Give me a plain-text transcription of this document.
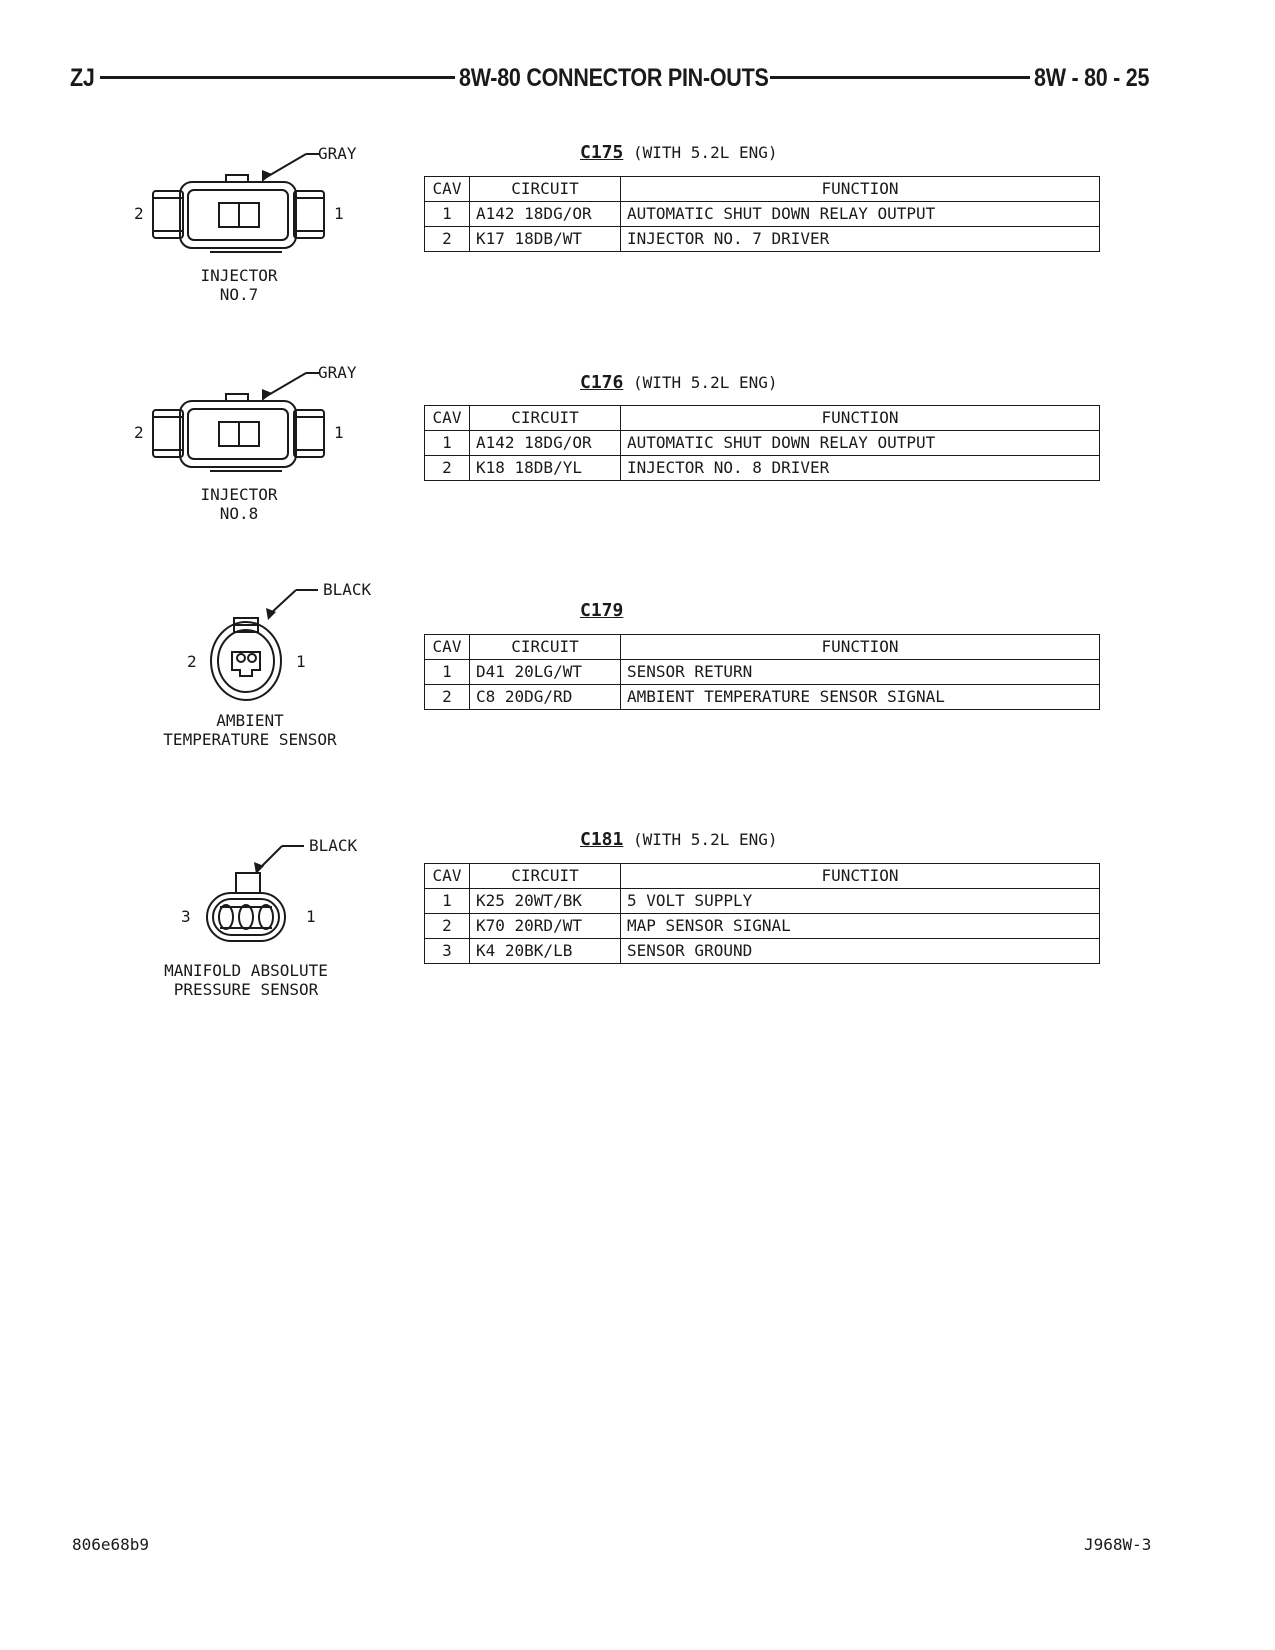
ZJ	8W-80 CONNECTOR PIN-OUTS	8W - 80 - 25
GRAY
2	1
INJECTOR
NO.7
GRAY
2	1
INJECTOR
NO.8
BLACK
2	1
AMBIENT
TEMPERATURE SENSOR
BLACK
3	1
MANIFOLD ABSOLUTE
PRESSURE SENSOR
C175 (WITH 5.2L ENG)
CAV	CIRCUIT	FUNCTION
1	A142 18DG/OR	AUTOMATIC SHUT DOWN RELAY OUTPUT
2	K17 18DB/WT	INJECTOR NO. 7 DRIVER
C176 (WITH 5.2L ENG)
CAV	CIRCUIT	FUNCTION
1	A142 18DG/OR	AUTOMATIC SHUT DOWN RELAY OUTPUT
2	K18 18DB/YL	INJECTOR NO. 8 DRIVER
C179
CAV	CIRCUIT	FUNCTION
1	D41 20LG/WT	SENSOR RETURN
2	C8 20DG/RD	AMBIENT TEMPERATURE SENSOR SIGNAL
C181 (WITH 5.2L ENG)
CAV	CIRCUIT	FUNCTION
1	K25 20WT/BK	5 VOLT SUPPLY
2	K70 20RD/WT	MAP SENSOR SIGNAL
3	K4 20BK/LB	SENSOR GROUND
806e68b9	J968W-3
